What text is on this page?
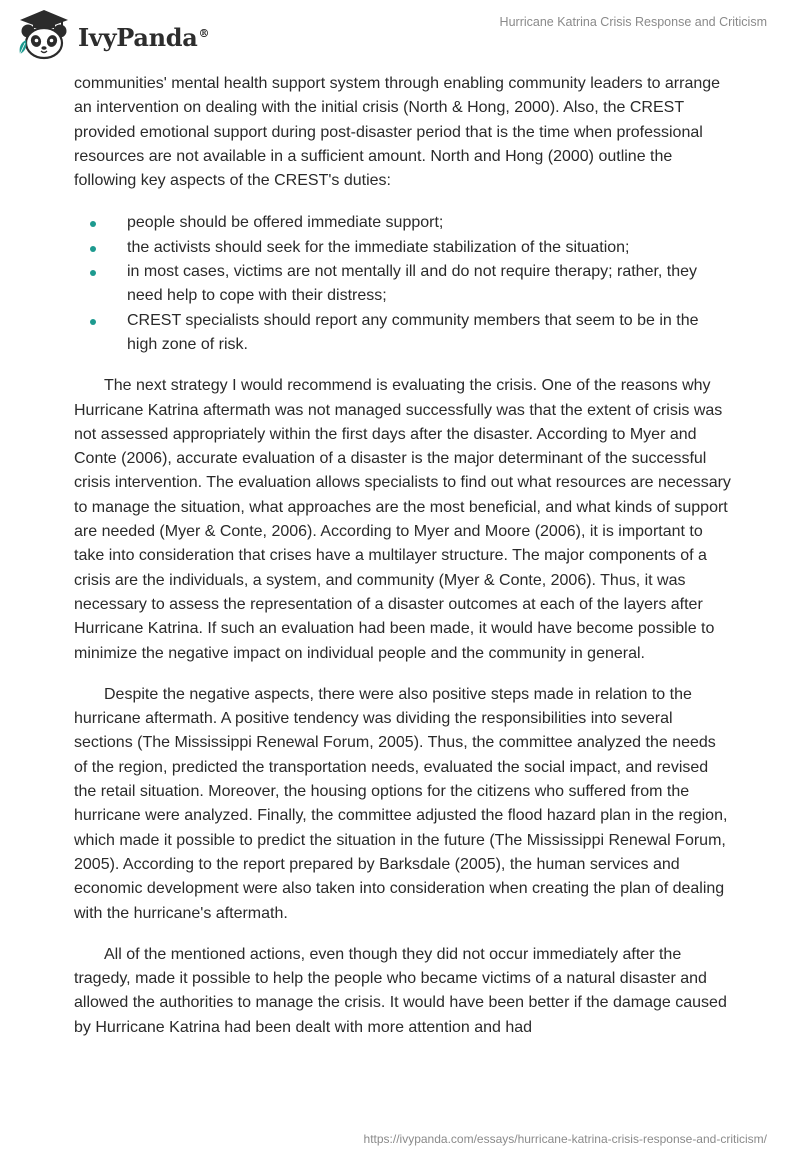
IvyPanda®
Hurricane Katrina Crisis Response and Criticism

communities' mental health support system through enabling community leaders to arrange an intervention on dealing with the initial crisis (North & Hong, 2000). Also, the CREST provided emotional support during post-disaster period that is the time when professional resources are not available in a sufficient amount. North and Hong (2000) outline the following key aspects of the CREST's duties:

people should be offered immediate support;
the activists should seek for the immediate stabilization of the situation;
in most cases, victims are not mentally ill and do not require therapy; rather, they need help to cope with their distress;
CREST specialists should report any community members that seem to be in the high zone of risk.

The next strategy I would recommend is evaluating the crisis. One of the reasons why Hurricane Katrina aftermath was not managed successfully was that the extent of crisis was not assessed appropriately within the first days after the disaster. According to Myer and Conte (2006), accurate evaluation of a disaster is the major determinant of the successful crisis intervention. The evaluation allows specialists to find out what resources are necessary to manage the situation, what approaches are the most beneficial, and what kinds of support are needed (Myer & Conte, 2006). According to Myer and Moore (2006), it is important to take into consideration that crises have a multilayer structure. The major components of a crisis are the individuals, a system, and community (Myer & Conte, 2006). Thus, it was necessary to assess the representation of a disaster outcomes at each of the layers after Hurricane Katrina. If such an evaluation had been made, it would have become possible to minimize the negative impact on individual people and the community in general.

Despite the negative aspects, there were also positive steps made in relation to the hurricane aftermath. A positive tendency was dividing the responsibilities into several sections (The Mississippi Renewal Forum, 2005). Thus, the committee analyzed the needs of the region, predicted the transportation needs, evaluated the social impact, and revised the retail situation. Moreover, the housing options for the citizens who suffered from the hurricane were analyzed. Finally, the committee adjusted the flood hazard plan in the region, which made it possible to predict the situation in the future (The Mississippi Renewal Forum, 2005). According to the report prepared by Barksdale (2005), the human services and economic development were also taken into consideration when creating the plan of dealing with the hurricane's aftermath.

All of the mentioned actions, even though they did not occur immediately after the tragedy, made it possible to help the people who became victims of a natural disaster and allowed the authorities to manage the crisis. It would have been better if the damage caused by Hurricane Katrina had been dealt with more attention and had

https://ivypanda.com/essays/hurricane-katrina-crisis-response-and-criticism/
